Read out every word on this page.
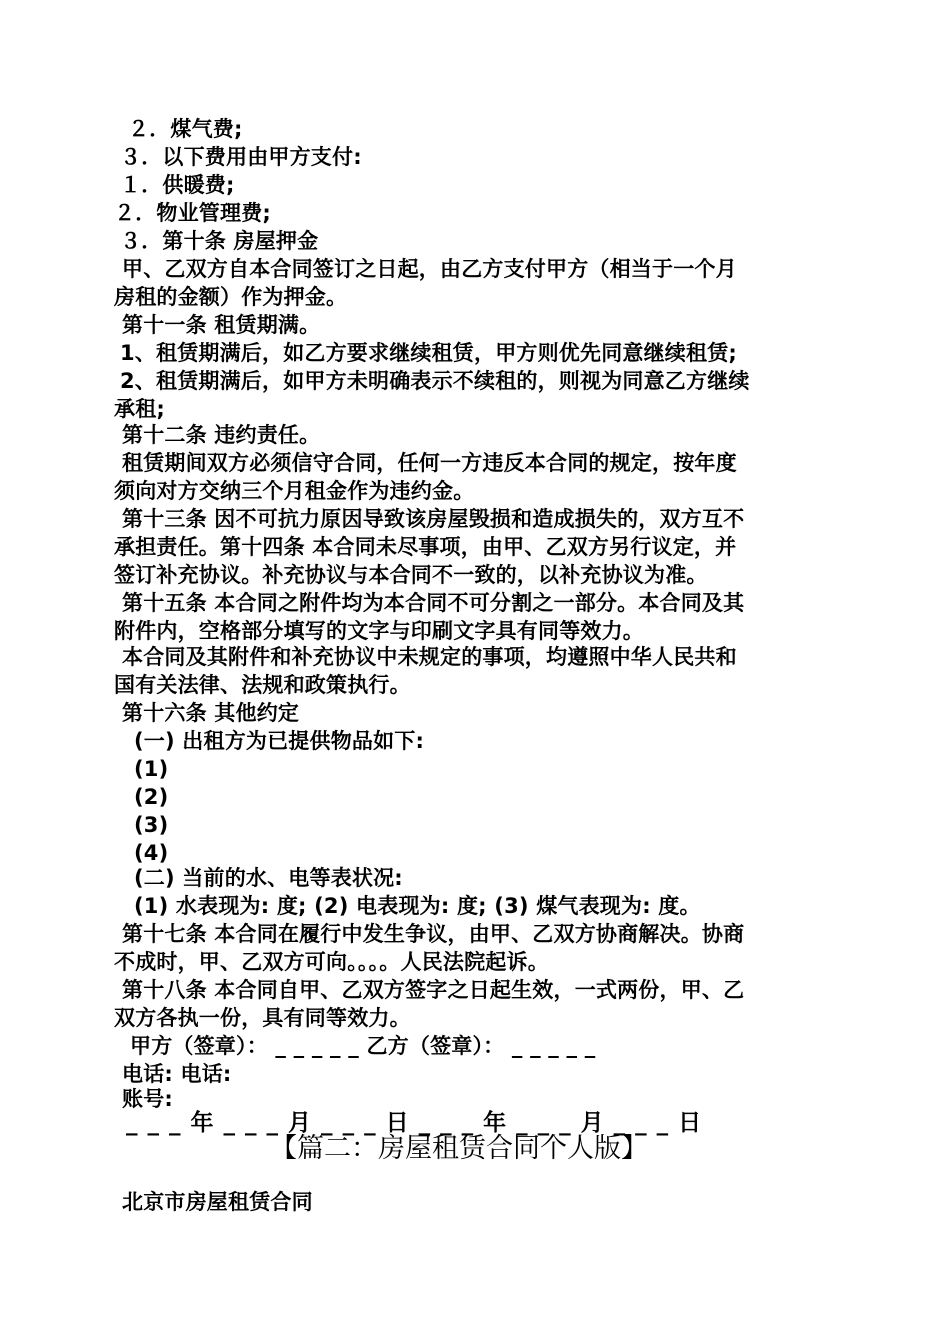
２．煤气费;
３．以下费用由甲方支付:
１．供暖费;
２．物业管理费;
３．第十条 房屋押金
甲、乙双方自本合同签订之日起，由乙方支付甲方（相当于一个月
房租的金额）作为押金。
第十一条 租赁期满。
1、租赁期满后，如乙方要求继续租赁，甲方则优先同意继续租赁;
2、租赁期满后，如甲方未明确表示不续租的，则视为同意乙方继续
承租;
第十二条 违约责任。
租赁期间双方必须信守合同，任何一方违反本合同的规定，按年度
须向对方交纳三个月租金作为违约金。
第十三条 因不可抗力原因导致该房屋毁损和造成损失的，双方互不
承担责任。第十四条 本合同未尽事项，由甲、乙双方另行议定，并
签订补充协议。补充协议与本合同不一致的，以补充协议为准。
第十五条 本合同之附件均为本合同不可分割之一部分。本合同及其
附件内，空格部分填写的文字与印刷文字具有同等效力。
本合同及其附件和补充协议中未规定的事项，均遵照中华人民共和
国有关法律、法规和政策执行。
第十六条 其他约定
(一) 出租方为已提供物品如下:
(1)
(2)
(3)
(4)
(二) 当前的水、电等表状况:
(1) 水表现为: 度; (2) 电表现为: 度; (3) 煤气表现为: 度。
第十七条 本合同在履行中发生争议，由甲、乙双方协商解决。协商
不成时，甲、乙双方可向。。。。人民法院起诉。
第十八条 本合同自甲、乙双方签字之日起生效，一式两份，甲、乙
双方各执一份，具有同等效力。
甲方（签章）： _ _ _ _ _ 乙方（签章）： _ _ _ _ _
电话: 电话:
账号:
_ _ _ 年 _ _ _ 月 _ _ _ 日 _ _ _ 年 _ _ _ 月 _ _ _ 日
【篇二：房屋租赁合同个人版】
北京市房屋租赁合同
